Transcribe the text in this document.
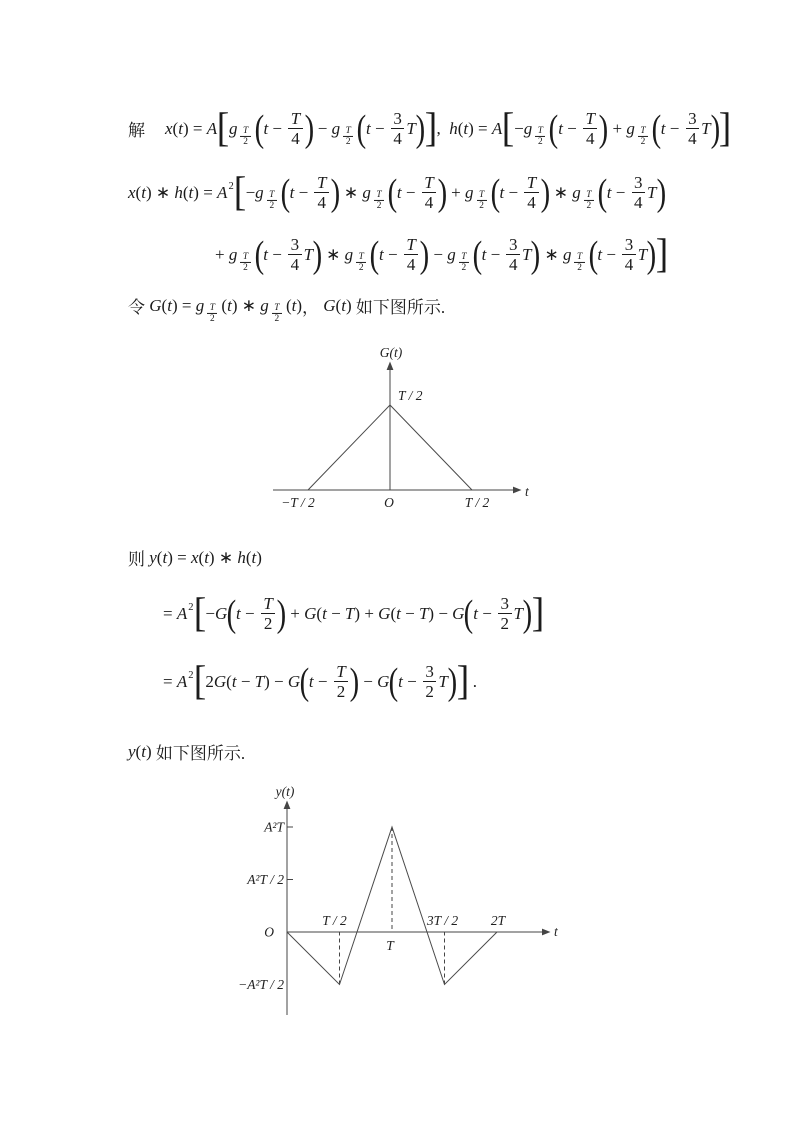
解 x(t) = A [ g $\frac{T}{2}$ ( $t - \frac{T}{4}$ ) − g $\frac{T}{2}$ ( $t - \frac{3}{4}$ T ) ] , h(t) = A [ − g $\frac{T}{2}$ ( $t - \frac{T}{4}$ ) + g $\frac{T}{2}$ ( $t - \frac{3}{4}$ T ) ]
x(t) ∗ h(t) = A 2 [ − g $\frac{T}{2}$ ( $t - \frac{T}{4}$ ) ∗ g $\frac{T}{2}$ ( $t - \frac{T}{4}$ ) + g $\frac{T}{2}$ ( $t - \frac{T}{4}$ ) ∗ g $\frac{T}{2}$ ( $t - \frac{3}{4}$ T )
+ g $\frac{T}{2}$ ( $t - \frac{3}{4}$ T ) ∗ g $\frac{T}{2}$ ( $t - \frac{T}{4}$ ) − g $\frac{T}{2}$ ( $t - \frac{3}{4}$ T ) ∗ g $\frac{T}{2}$ ( $t - \frac{3}{4}$ T ) ]
令 G(t) = g $\frac{T}{2} (t)$ ∗ g $\frac{T}{2} (t)$ ， G(t) 如下图所示.
G(t)
t
−T / 2	O	T / 2
T / 2
则 y(t) = x(t) ∗ h(t)
= A 2 [ −G ( $t - \frac{T}{2}$ ) + G(t − T) + G(t − T) − G ( $t - \frac{3}{2}$ T ) ]
= A 2 [ 2G(t − T) − G ( $t - \frac{T}{2}$ ) − G ( $t - \frac{3}{2}$ T ) ] .
y(t) 如下图所示.
y(t)
t
T / 2
T
3T / 2 2T
A²T
A²T / 2
O
−A²T / 2
